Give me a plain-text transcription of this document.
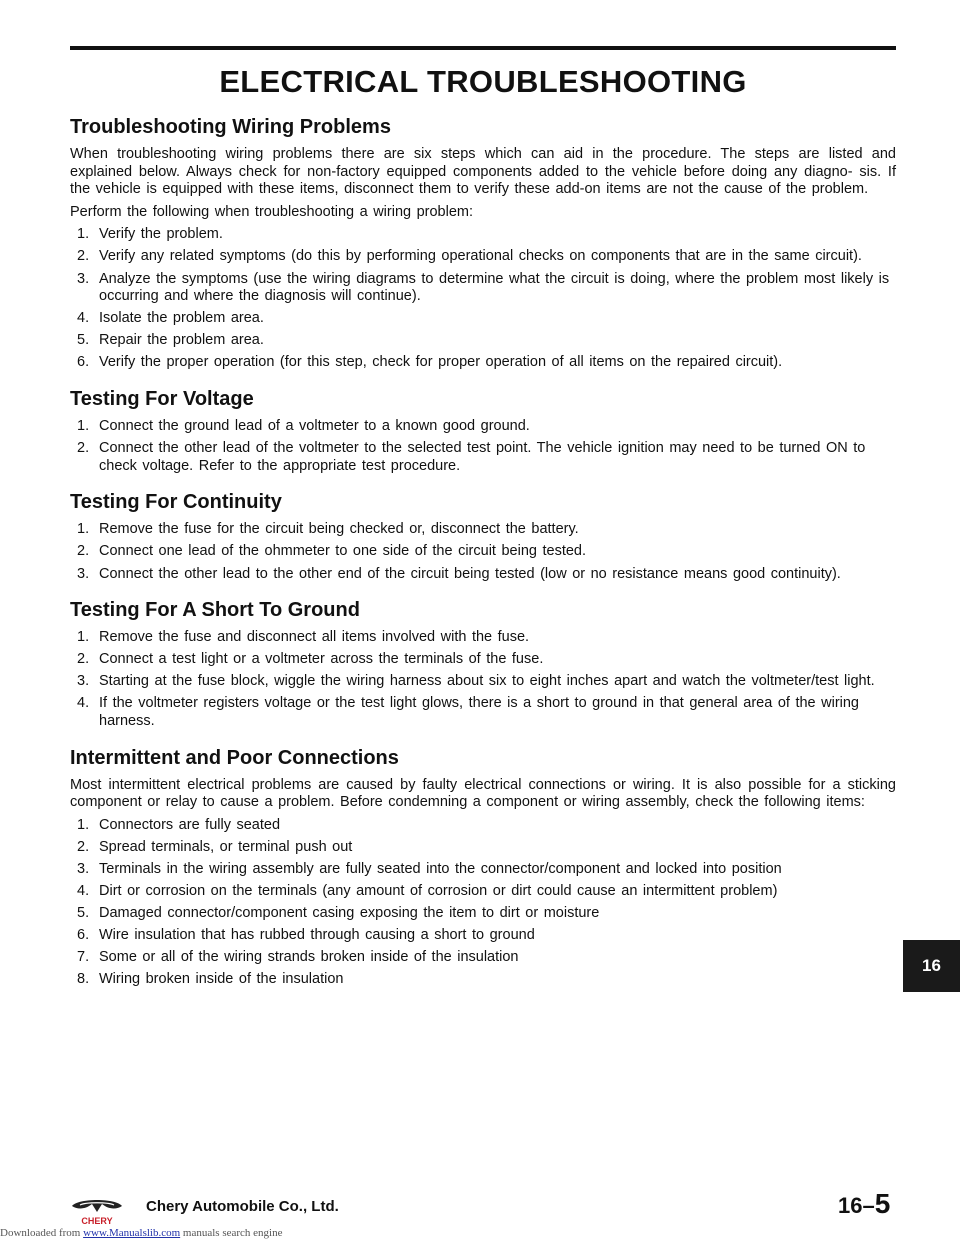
ELECTRICAL TROUBLESHOOTING
Troubleshooting Wiring Problems

When troubleshooting wiring problems there are six steps which can aid in the procedure. The steps are listed and explained below. Always check for non-factory equipped components added to the vehicle before doing any diagno- sis. If the vehicle is equipped with these items, disconnect them to verify these add-on items are not the cause of the problem.

Perform the following when troubleshooting a wiring problem:

1. Verify the problem.
2. Verify any related symptoms (do this by performing operational checks on components that are in the same circuit).
3. Analyze the symptoms (use the wiring diagrams to determine what the circuit is doing, where the problem most likely is occurring and where the diagnosis will continue).
4. Isolate the problem area.
5. Repair the problem area.
6. Verify the proper operation (for this step, check for proper operation of all items on the repaired circuit).
Testing For Voltage
1. Connect the ground lead of a voltmeter to a known good ground.
2. Connect the other lead of the voltmeter to the selected test point. The vehicle ignition may need to be turned ON to check voltage. Refer to the appropriate test procedure.
Testing For Continuity
1. Remove the fuse for the circuit being checked or, disconnect the battery.
2. Connect one lead of the ohmmeter to one side of the circuit being tested.
3. Connect the other lead to the other end of the circuit being tested (low or no resistance means good continuity).
Testing For A Short To Ground
1. Remove the fuse and disconnect all items involved with the fuse.
2. Connect a test light or a voltmeter across the terminals of the fuse.
3. Starting at the fuse block, wiggle the wiring harness about six to eight inches apart and watch the voltmeter/test light.
4. If the voltmeter registers voltage or the test light glows, there is a short to ground in that general area of the wiring harness.
Intermittent and Poor Connections

Most intermittent electrical problems are caused by faulty electrical connections or wiring. It is also possible for a sticking component or relay to cause a problem. Before condemning a component or wiring assembly, check the following items:

1. Connectors are fully seated
2. Spread terminals, or terminal push out
3. Terminals in the wiring assembly are fully seated into the connector/component and locked into position
4. Dirt or corrosion on the terminals (any amount of corrosion or dirt could cause an intermittent problem)
5. Damaged connector/component casing exposing the item to dirt or moisture
6. Wire insulation that has rubbed through causing a short to ground
7. Some or all of the wiring strands broken inside of the insulation
8. Wiring broken inside of the insulation
16
CHERY
Chery Automobile Co., Ltd.	16–5
Downloaded from www.Manualslib.com manuals search engine
